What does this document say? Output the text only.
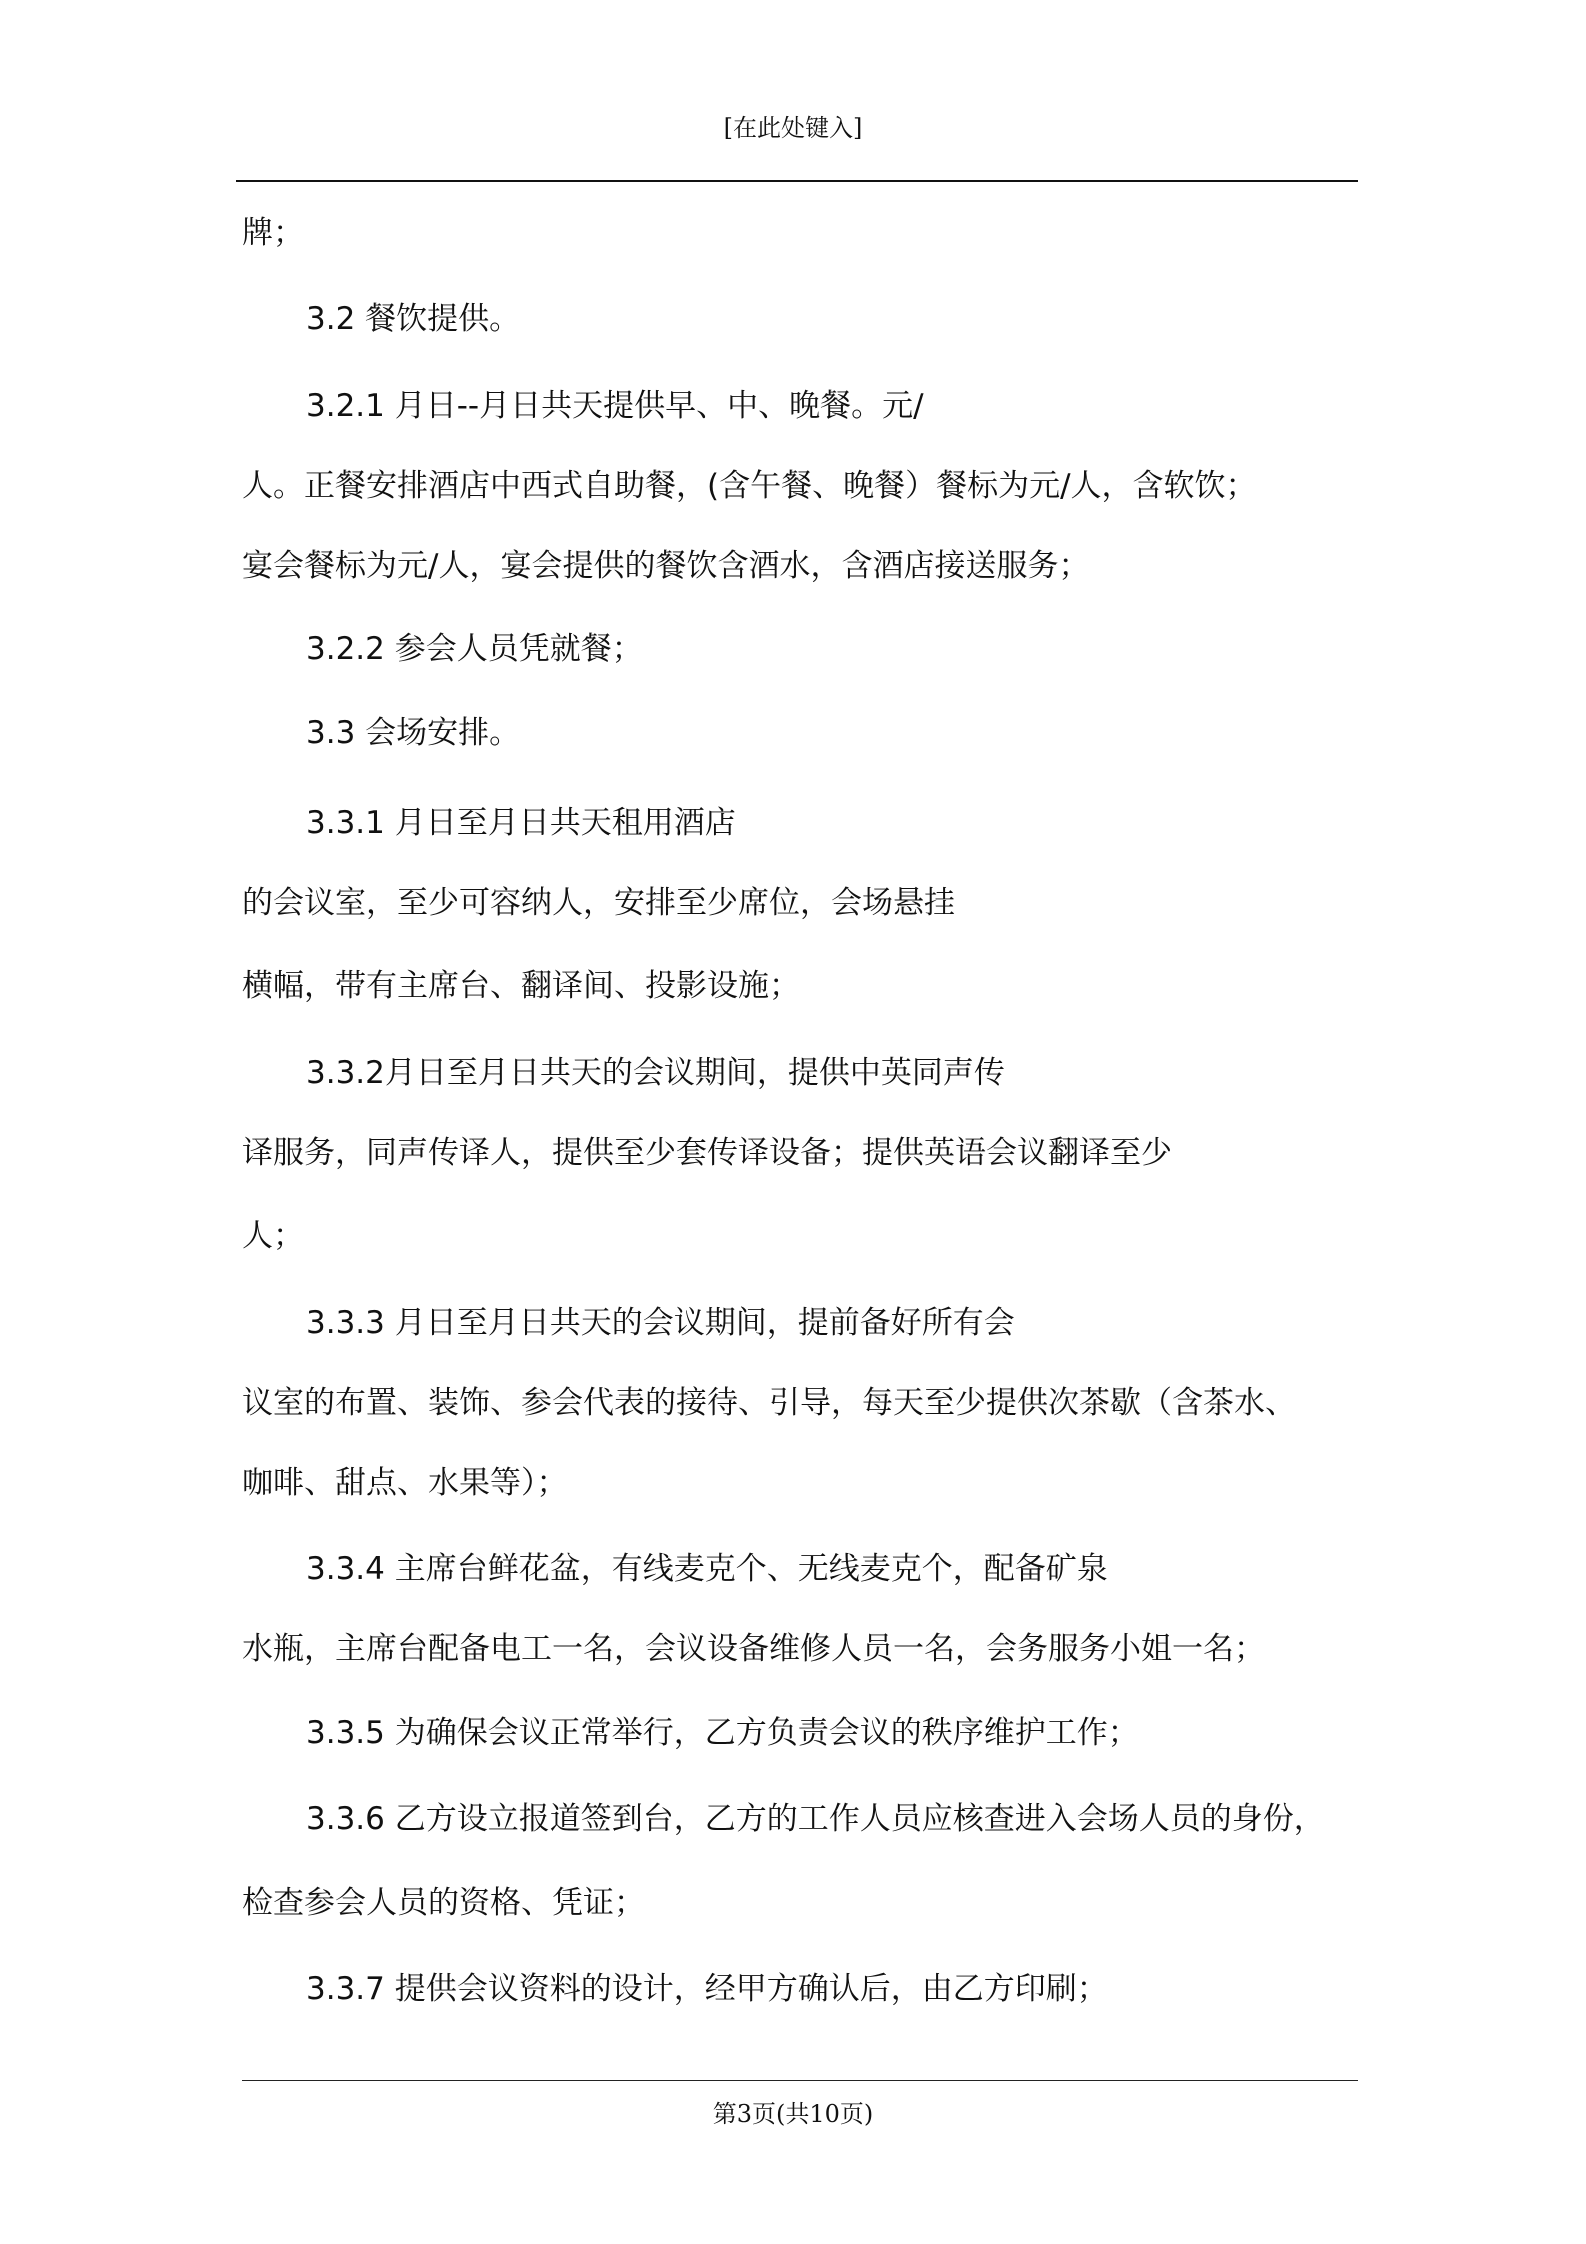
[在此处键入]
牌；
3.2 餐饮提供。
3.2.1 月日--月日共天提供早、中、晚餐。元/
人。正餐安排酒店中西式自助餐，(含午餐、晚餐）餐标为元/人，含软饮；
宴会餐标为元/人，宴会提供的餐饮含酒水，含酒店接送服务；
3.2.2 参会人员凭就餐；
3.3 会场安排。
3.3.1 月日至月日共天租用酒店
的会议室，至少可容纳人，安排至少席位，会场悬挂
横幅，带有主席台、翻译间、投影设施；
3.3.2月日至月日共天的会议期间，提供中英同声传
译服务，同声传译人，提供至少套传译设备；提供英语会议翻译至少
人；
3.3.3 月日至月日共天的会议期间，提前备好所有会
议室的布置、装饰、参会代表的接待、引导，每天至少提供次茶歇（含茶水、
咖啡、甜点、水果等）；
3.3.4 主席台鲜花盆，有线麦克个、无线麦克个，配备矿泉
水瓶，主席台配备电工一名，会议设备维修人员一名，会务服务小姐一名；
3.3.5 为确保会议正常举行，乙方负责会议的秩序维护工作；
3.3.6 乙方设立报道签到台，乙方的工作人员应核查进入会场人员的身份，
检查参会人员的资格、凭证；
3.3.7 提供会议资料的设计，经甲方确认后，由乙方印刷；
第3页(共10页)
